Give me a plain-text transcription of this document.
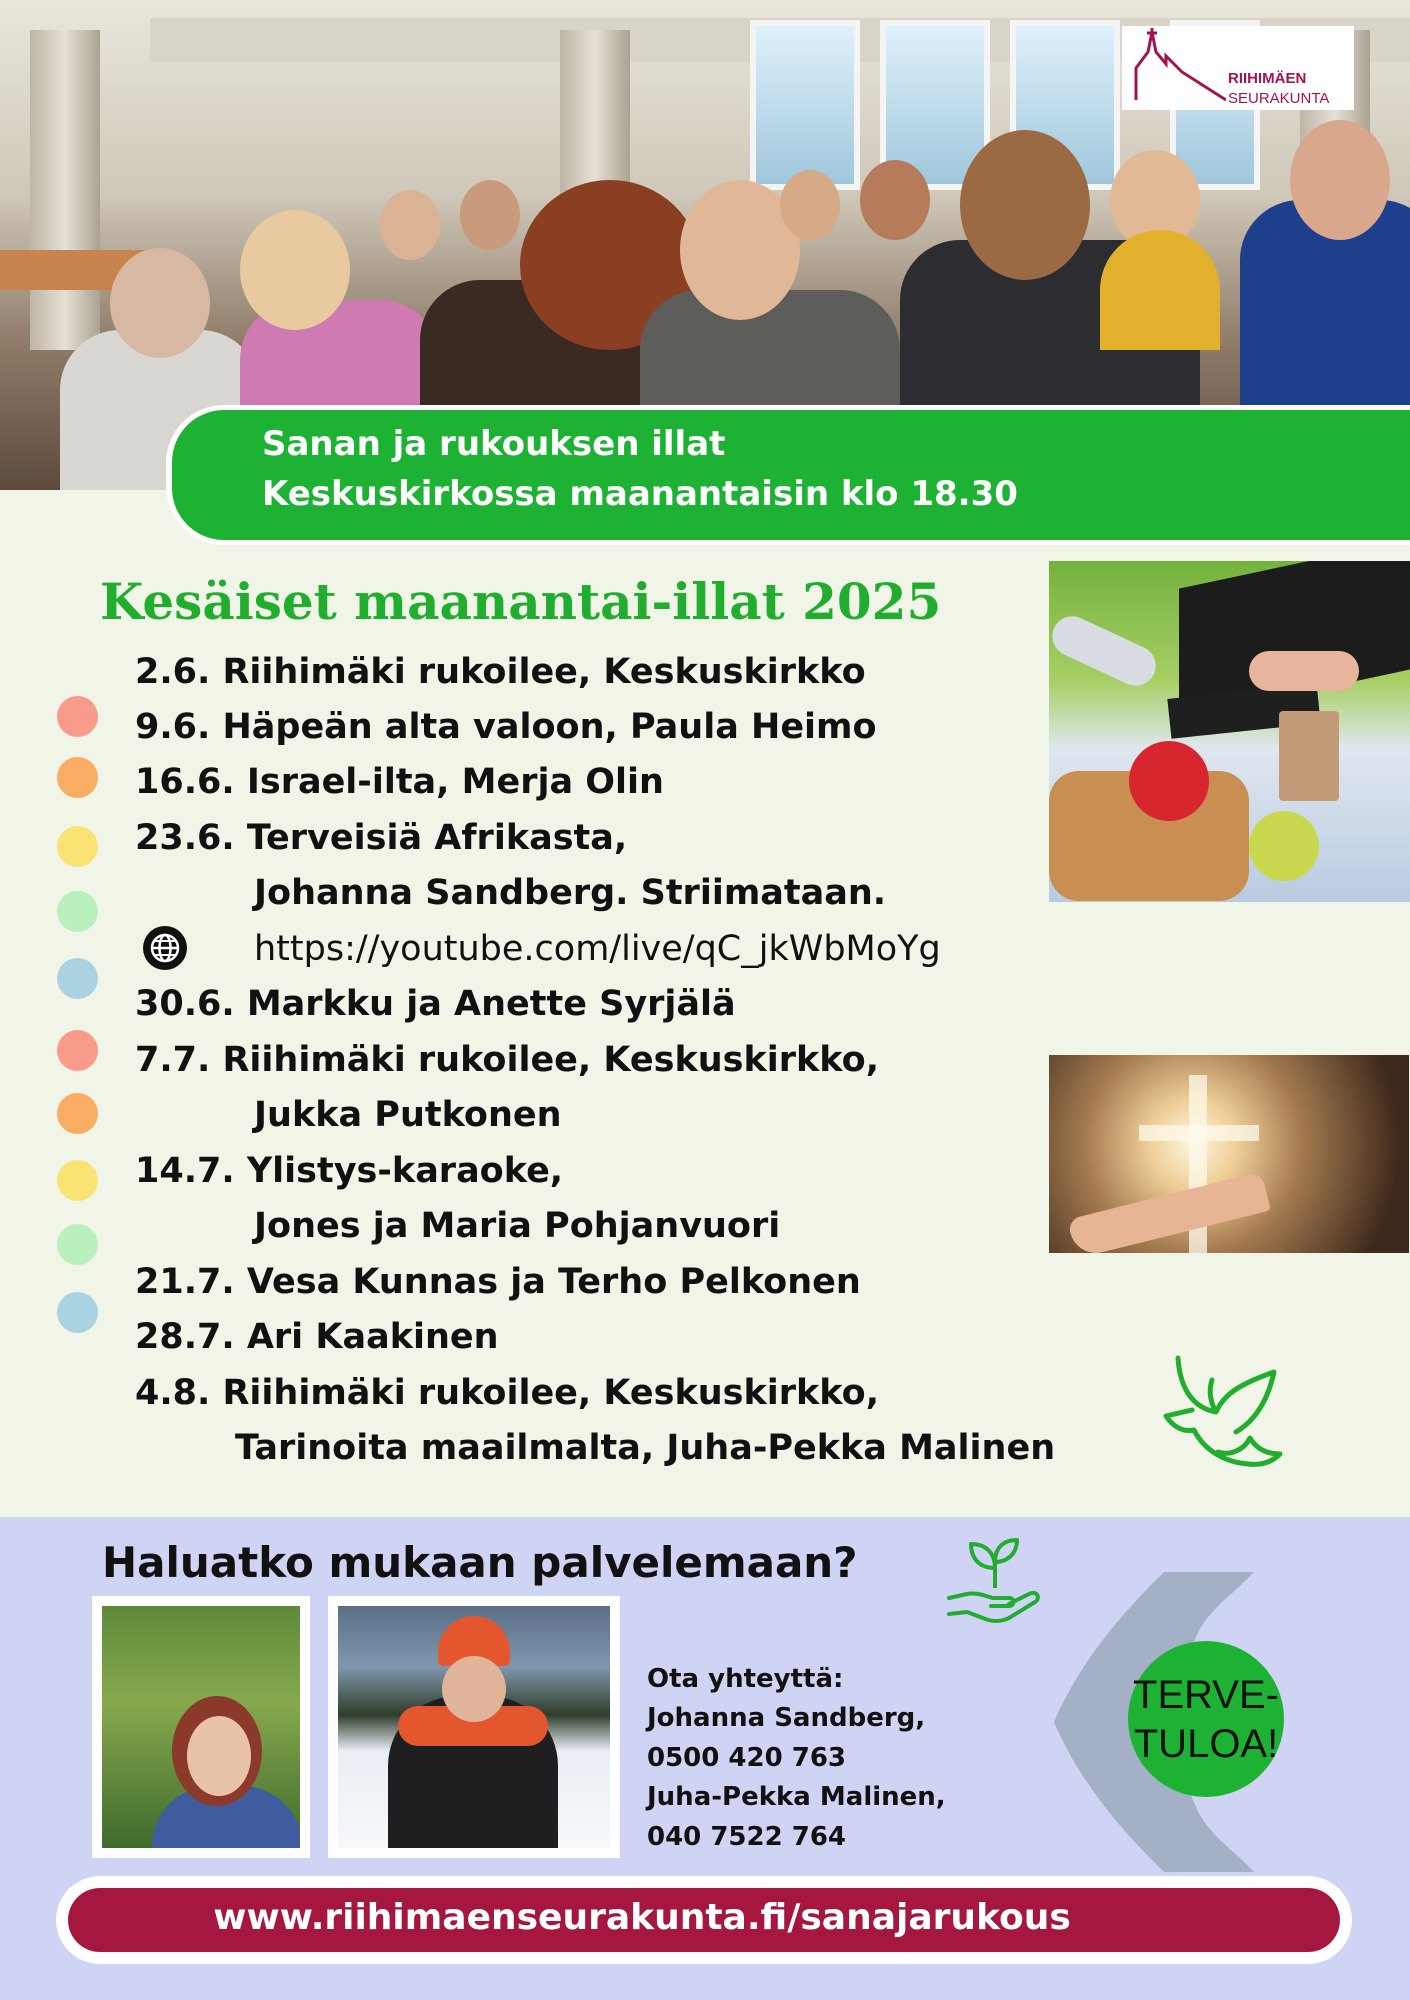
RIIHIMÄEN
SEURAKUNTA
Sanan ja rukouksen illat
Keskuskirkossa maanantaisin klo 18.30
Kesäiset maanantai-illat 2025
2.6. Riihimäki rukoilee, Keskuskirkko
9.6. Häpeän alta valoon, Paula Heimo
16.6. Israel-ilta, Merja Olin
23.6. Terveisiä Afrikasta,
Johanna Sandberg. Striimataan.
https://youtube.com/live/qC_jkWbMoYg
30.6. Markku ja Anette Syrjälä
7.7. Riihimäki rukoilee, Keskuskirkko,
Jukka Putkonen
14.7. Ylistys-karaoke,
Jones ja Maria Pohjanvuori
21.7. Vesa Kunnas ja Terho Pelkonen
28.7. Ari Kaakinen
4.8. Riihimäki rukoilee, Keskuskirkko,
Tarinoita maailmalta, Juha-Pekka Malinen
Haluatko mukaan palvelemaan?
Ota yhteyttä:
Johanna Sandberg,
0500 420 763
Juha-Pekka Malinen,
040 7522 764
TERVE-
TULOA!
www.riihimaenseurakunta.fi/sanajarukous
